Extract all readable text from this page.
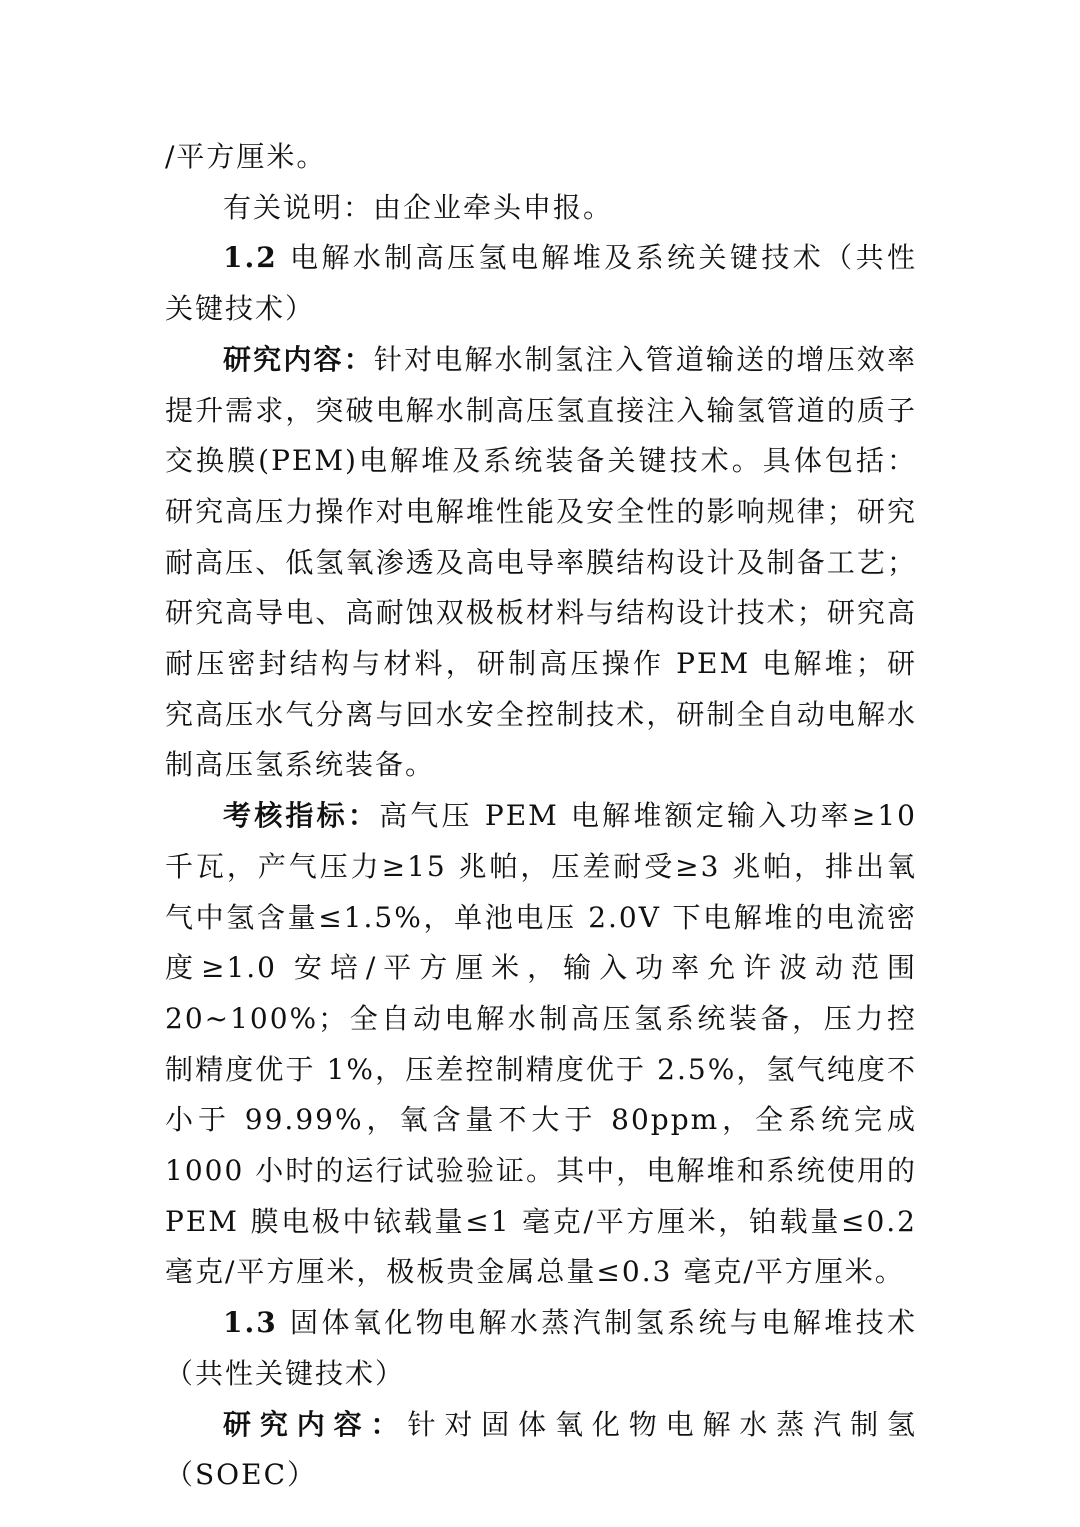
/平方厘米。

有关说明：由企业牵头申报。

1.2 电解水制高压氢电解堆及系统关键技术（共性关键技术）

研究内容：针对电解水制氢注入管道输送的增压效率提升需求，突破电解水制高压氢直接注入输氢管道的质子交换膜(PEM)电解堆及系统装备关键技术。具体包括：研究高压力操作对电解堆性能及安全性的影响规律；研究耐高压、低氢氧渗透及高电导率膜结构设计及制备工艺；研究高导电、高耐蚀双极板材料与结构设计技术；研究高耐压密封结构与材料，研制高压操作 PEM 电解堆；研究高压水气分离与回水安全控制技术，研制全自动电解水制高压氢系统装备。

考核指标：高气压 PEM 电解堆额定输入功率≥10 千瓦，产气压力≥15 兆帕，压差耐受≥3 兆帕，排出氧气中氢含量≤1.5%，单池电压 2.0V 下电解堆的电流密度≥1.0 安培/平方厘米，输入功率允许波动范围 20~100%；全自动电解水制高压氢系统装备，压力控制精度优于 1%，压差控制精度优于 2.5%，氢气纯度不小于 99.99%，氧含量不大于 80ppm，全系统完成 1000 小时的运行试验验证。其中，电解堆和系统使用的 PEM 膜电极中铱载量≤1 毫克/平方厘米，铂载量≤0.2 毫克/平方厘米，极板贵金属总量≤0.3 毫克/平方厘米。

1.3 固体氧化物电解水蒸汽制氢系统与电解堆技术（共性关键技术）

研究内容：针对固体氧化物电解水蒸汽制氢（SOEC）
